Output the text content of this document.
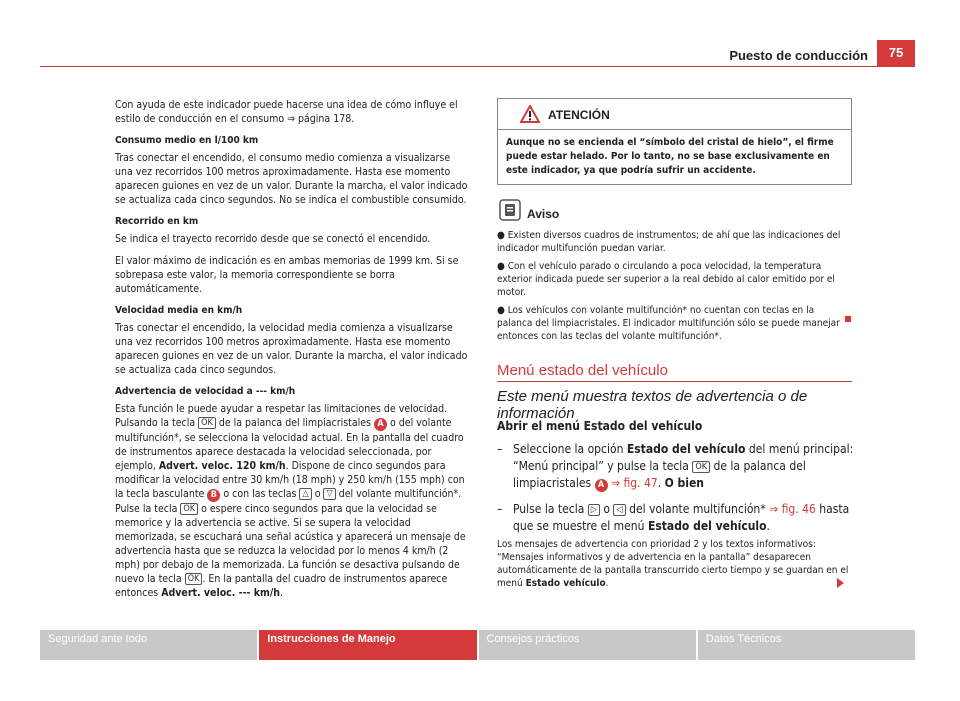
Puesto de conducción	75

Con ayuda de este indicador puede hacerse una idea de cómo influye el estilo de conducción en el consumo ⇒ página 178.

Consumo medio en l/100 km

Tras conectar el encendido, el consumo medio comienza a visualizarse una vez recorridos 100 metros aproximadamente. Hasta ese momento aparecen guiones en vez de un valor. Durante la marcha, el valor indicado se actualiza cada cinco segundos. No se indica el combustible consumido.

Recorrido en km

Se indica el trayecto recorrido desde que se conectó el encendido.

El valor máximo de indicación es en ambas memorias de 1999 km. Si se sobrepasa este valor, la memoria correspondiente se borra automáticamente.

Velocidad media en km/h

Tras conectar el encendido, la velocidad media comienza a visualizarse una vez recorridos 100 metros aproximadamente. Hasta ese momento aparecen guiones en vez de un valor. Durante la marcha, el valor indicado se actualiza cada cinco segundos.

Advertencia de velocidad a --- km/h

Esta función le puede ayudar a respetar las limitaciones de velocidad. Pulsando la tecla OK de la palanca del limpiacristales A o del volante multifunción*, se selecciona la velocidad actual. En la pantalla del cuadro de instrumentos aparece destacada la velocidad seleccionada, por ejemplo, Advert. veloc. 120 km/h. Dispone de cinco segundos para modificar la velocidad entre 30 km/h (18 mph) y 250 km/h (155 mph) con la tecla basculante B o con las teclas △ o ▽ del volante multifunción*. Pulse la tecla OK o espere cinco segundos para que la velocidad se memorice y la advertencia se active. Si se supera la velocidad memorizada, se escuchará una señal acústica y aparecerá un mensaje de advertencia hasta que se reduzca la velocidad por lo menos 4 km/h (2 mph) por debajo de la memorizada. La función se desactiva pulsando de nuevo la tecla OK . En la pantalla del cuadro de instrumentos aparece entonces Advert. veloc. --- km/h.

ATENCIÓN
Aunque no se encienda el “símbolo del cristal de hielo”, el firme puede estar helado. Por lo tanto, no se base exclusivamente en este indicador, ya que podría sufrir un accidente.
Aviso

● Existen diversos cuadros de instrumentos; de ahí que las indicaciones del indicador multifunción puedan variar.

● Con el vehículo parado o circulando a poca velocidad, la temperatura exterior indicada puede ser superior a la real debido al calor emitido por el motor.

● Los vehículos con volante multifunción* no cuentan con teclas en la palanca del limpiacristales. El indicador multifunción sólo se puede manejar entonces con las teclas del volante multifunción*.

Menú estado del vehículo
Este menú muestra textos de advertencia o de información
Abrir el menú Estado del vehículo
– Seleccione la opción Estado del vehículo del menú principal: “Menú principal” y pulse la tecla OK de la palanca del limpiacristales A ⇒ fig. 47. O bien
– Pulse la tecla ▷ o ◁ del volante multifunción* ⇒ fig. 46 hasta que se muestre el menú Estado del vehículo.
Los mensajes de advertencia con prioridad 2 y los textos informativos: “Mensajes informativos y de advertencia en la pantalla” desaparecen automáticamente de la pantalla transcurrido cierto tiempo y se guardan en el menú Estado vehículo.
Seguridad ante todo	Instrucciones de Manejo	Consejos prácticos	Datos Técnicos
